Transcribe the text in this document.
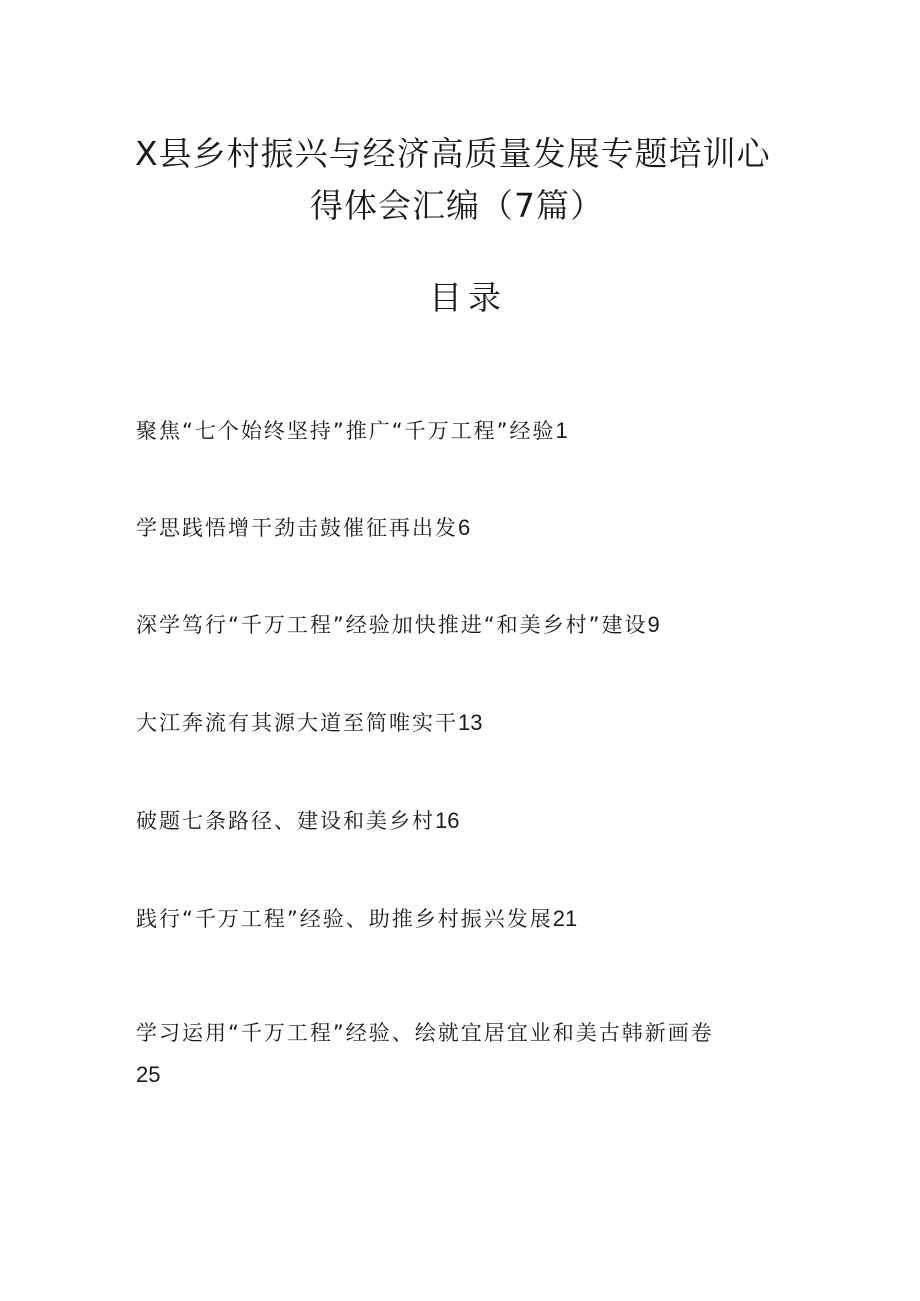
X县乡村振兴与经济高质量发展专题培训心
得体会汇编（7篇）
目录
聚焦“七个始终坚持”推广“千万工程”经验1
学思践悟增干劲击鼓催征再出发6
深学笃行“千万工程”经验加快推进“和美乡村”建设9
大江奔流有其源大道至简唯实干13
破题七条路径、建设和美乡村16
践行“千万工程”经验、助推乡村振兴发展21
学习运用“千万工程”经验、绘就宜居宜业和美古韩新画卷
25
